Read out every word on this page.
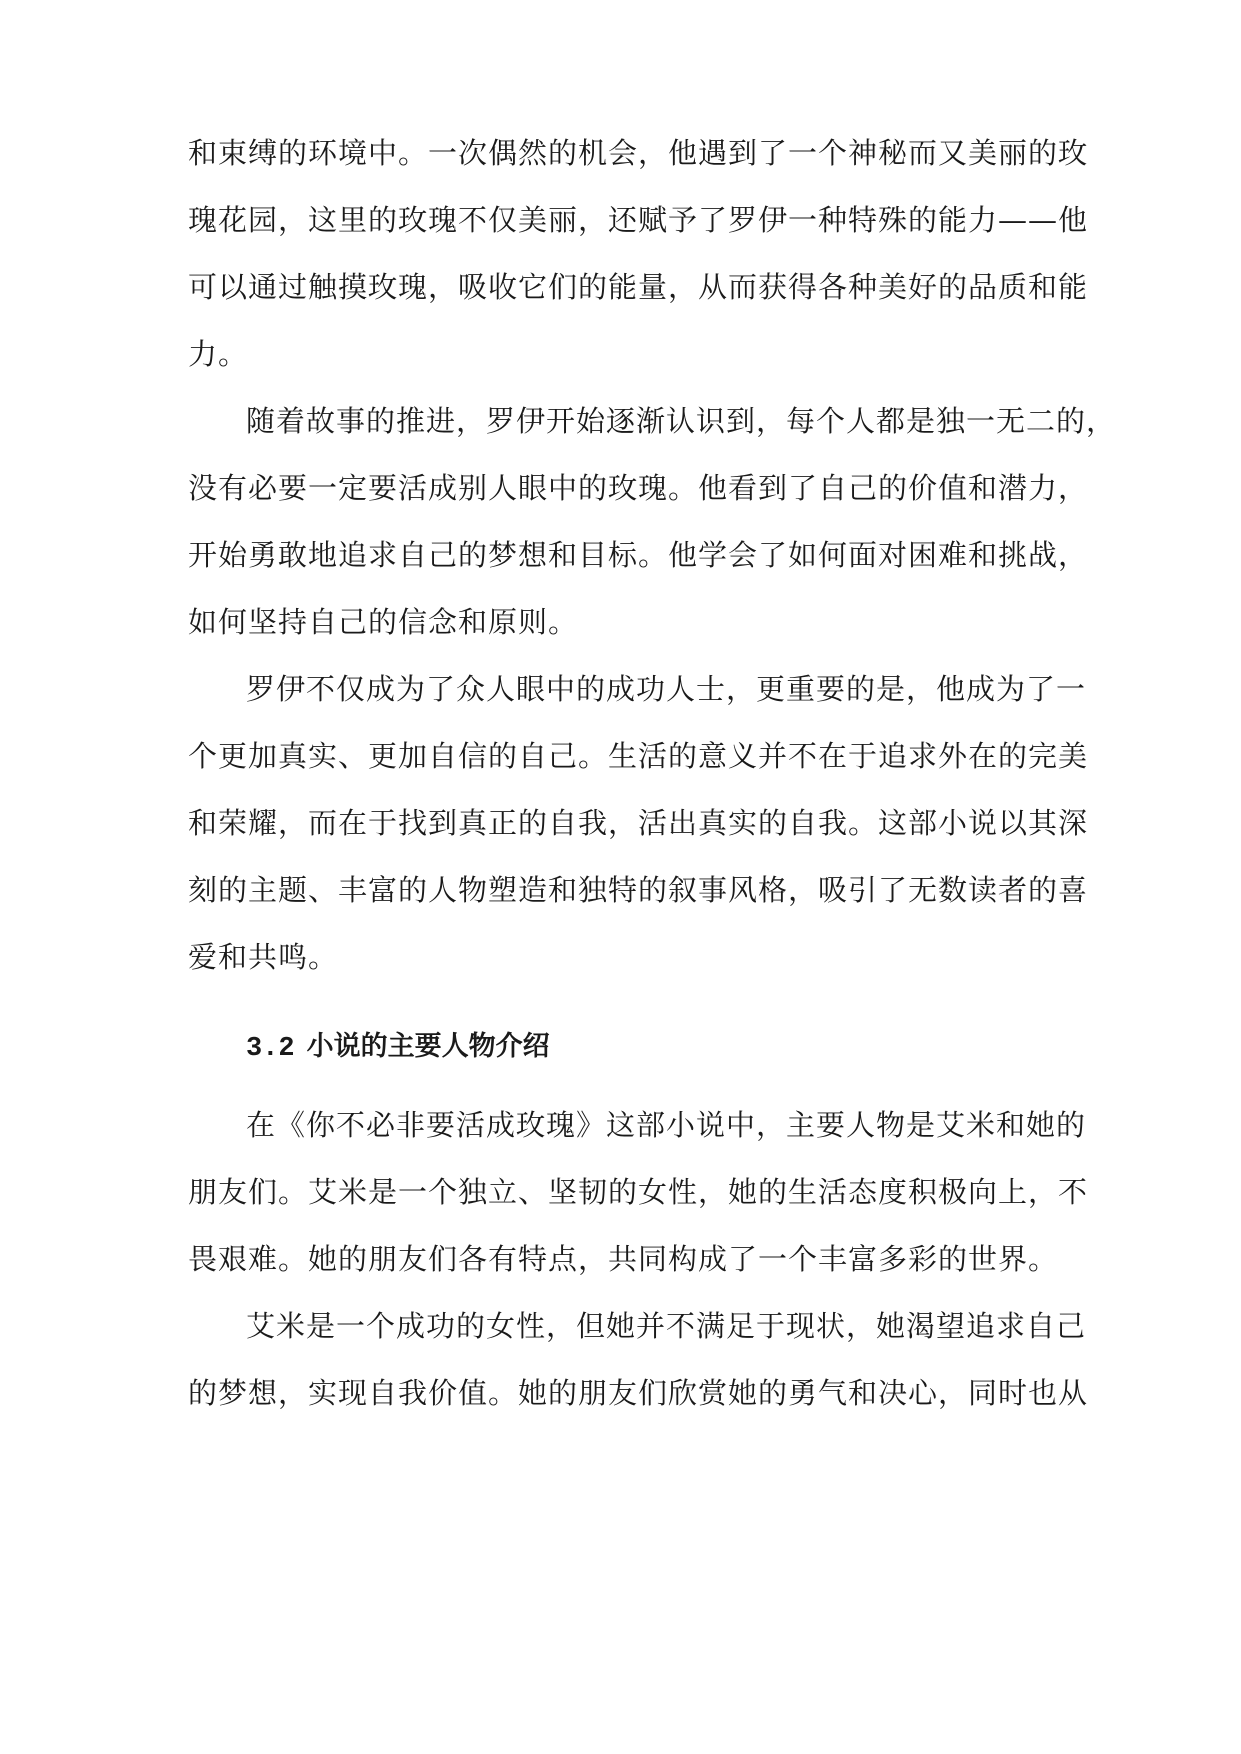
和束缚的环境中。一次偶然的机会，他遇到了一个神秘而又美丽的玫
瑰花园，这里的玫瑰不仅美丽，还赋予了罗伊一种特殊的能力——他
可以通过触摸玫瑰，吸收它们的能量，从而获得各种美好的品质和能
力。
随着故事的推进，罗伊开始逐渐认识到，每个人都是独一无二的，
没有必要一定要活成别人眼中的玫瑰。他看到了自己的价值和潜力，
开始勇敢地追求自己的梦想和目标。他学会了如何面对困难和挑战，
如何坚持自己的信念和原则。
罗伊不仅成为了众人眼中的成功人士，更重要的是，他成为了一
个更加真实、更加自信的自己。生活的意义并不在于追求外在的完美
和荣耀，而在于找到真正的自我，活出真实的自我。这部小说以其深
刻的主题、丰富的人物塑造和独特的叙事风格，吸引了无数读者的喜
爱和共鸣。
3.2 小说的主要人物介绍
在《你不必非要活成玫瑰》这部小说中，主要人物是艾米和她的
朋友们。艾米是一个独立、坚韧的女性，她的生活态度积极向上，不
畏艰难。她的朋友们各有特点，共同构成了一个丰富多彩的世界。
艾米是一个成功的女性，但她并不满足于现状，她渴望追求自己
的梦想，实现自我价值。她的朋友们欣赏她的勇气和决心，同时也从
